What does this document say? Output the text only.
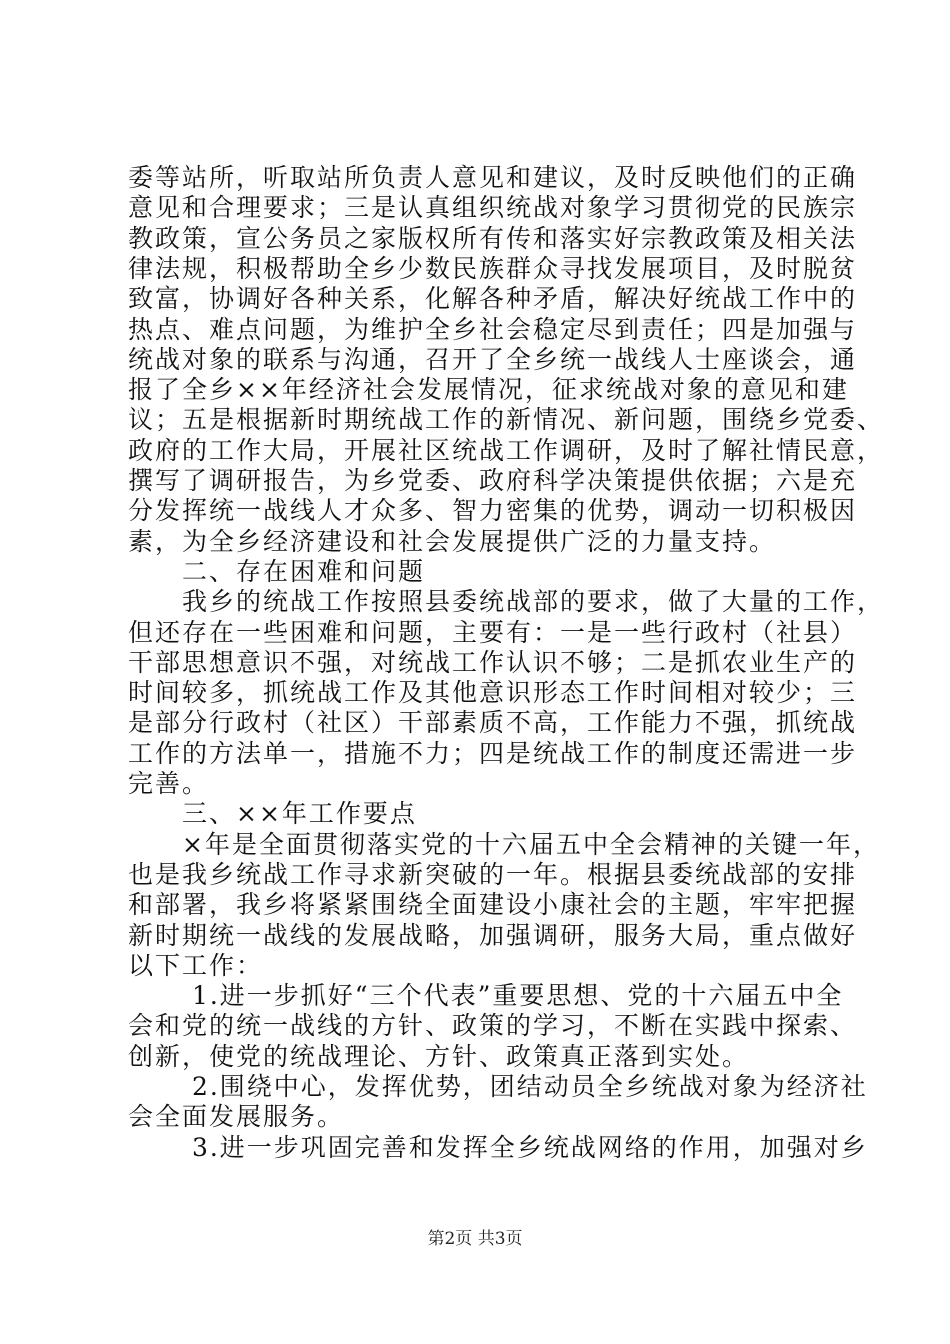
委等站所，听取站所负责人意见和建议，及时反映他们的正确
意见和合理要求；三是认真组织统战对象学习贯彻党的民族宗
教政策，宣公务员之家版权所有传和落实好宗教政策及相关法
律法规，积极帮助全乡少数民族群众寻找发展项目，及时脱贫
致富，协调好各种关系，化解各种矛盾，解决好统战工作中的
热点、难点问题，为维护全乡社会稳定尽到责任；四是加强与
统战对象的联系与沟通，召开了全乡统一战线人士座谈会，通
报了全乡××年经济社会发展情况，征求统战对象的意见和建
议；五是根据新时期统战工作的新情况、新问题，围绕乡党委、
政府的工作大局，开展社区统战工作调研，及时了解社情民意，
撰写了调研报告，为乡党委、政府科学决策提供依据；六是充
分发挥统一战线人才众多、智力密集的优势，调动一切积极因
素，为全乡经济建设和社会发展提供广泛的力量支持。
　　二、存在困难和问题
　　我乡的统战工作按照县委统战部的要求，做了大量的工作，
但还存在一些困难和问题，主要有：一是一些行政村（社县）
干部思想意识不强，对统战工作认识不够；二是抓农业生产的
时间较多，抓统战工作及其他意识形态工作时间相对较少；三
是部分行政村（社区）干部素质不高，工作能力不强，抓统战
工作的方法单一，措施不力；四是统战工作的制度还需进一步
完善。
　　三、××年工作要点
　　×年是全面贯彻落实党的十六届五中全会精神的关键一年，
也是我乡统战工作寻求新突破的一年。根据县委统战部的安排
和部署，我乡将紧紧围绕全面建设小康社会的主题，牢牢把握
新时期统一战线的发展战略，加强调研，服务大局，重点做好
以下工作：
　　 1.进一步抓好“三个代表”重要思想、党的十六届五中全
会和党的统一战线的方针、政策的学习，不断在实践中探索、
创新，使党的统战理论、方针、政策真正落到实处。
　　 2.围绕中心，发挥优势，团结动员全乡统战对象为经济社
会全面发展服务。
　　 3.进一步巩固完善和发挥全乡统战网络的作用，加强对乡
第2页 共3页
